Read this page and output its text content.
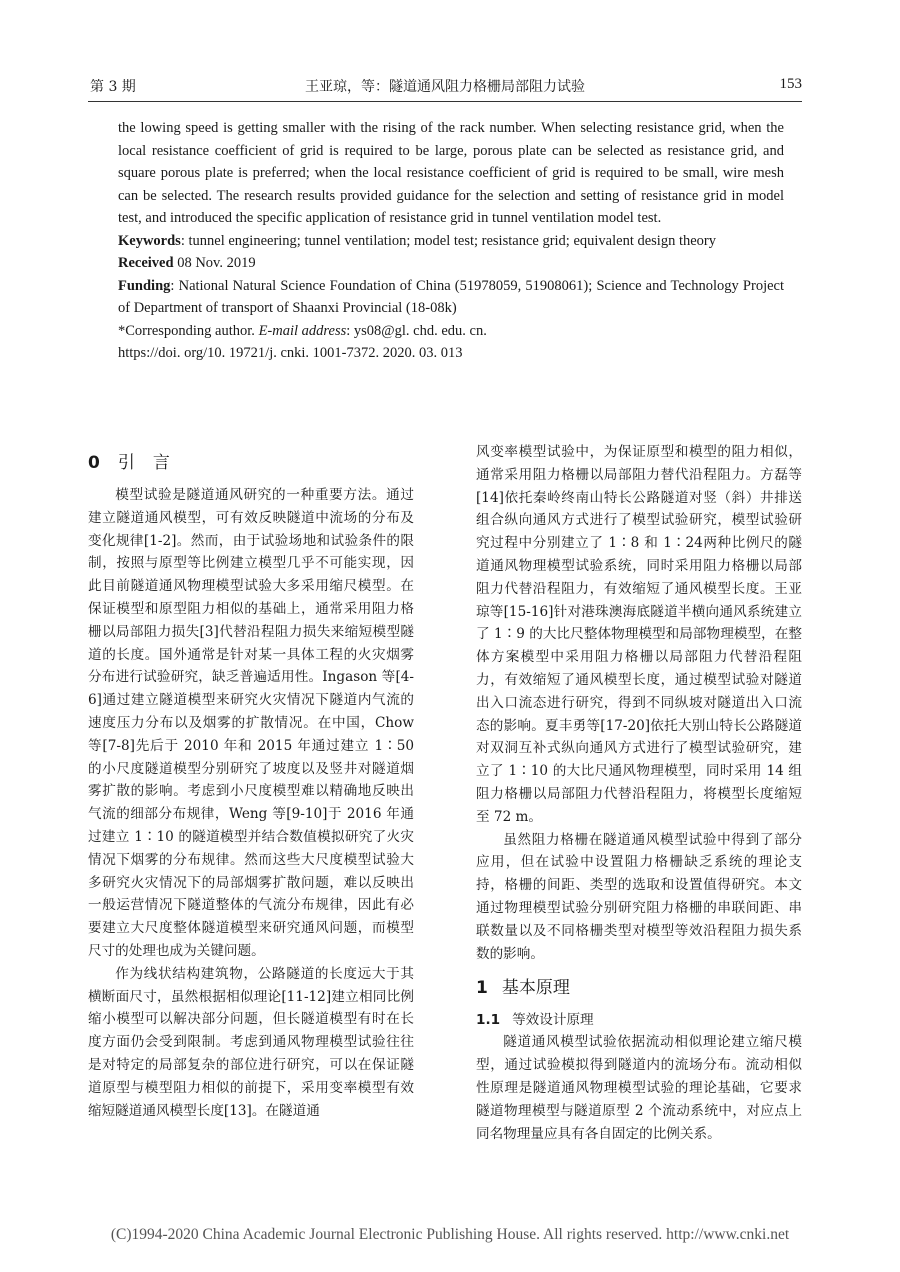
第 3 期	王亚琼，等：隧道通风阻力格栅局部阻力试验	153

the lowing speed is getting smaller with the rising of the rack number. When selecting resistance grid, when the local resistance coefficient of grid is required to be large, porous plate can be selected as resistance grid, and square porous plate is preferred; when the local resistance coefficient of grid is required to be small, wire mesh can be selected. The research results provided guidance for the selection and setting of resistance grid in model test, and introduced the specific application of resistance grid in tunnel ventilation model test.

Keywords: tunnel engineering; tunnel ventilation; model test; resistance grid; equivalent design theory

Received 08 Nov. 2019

Funding: National Natural Science Foundation of China (51978059, 51908061); Science and Technology Project of Department of transport of Shaanxi Provincial (18-08k)

*Corresponding author. E-mail address: ys08@gl. chd. edu. cn.

https://doi. org/10. 19721/j. cnki. 1001-7372. 2020. 03. 013

0 引言

模型试验是隧道通风研究的一种重要方法。通过建立隧道通风模型，可有效反映隧道中流场的分布及变化规律[1-2]。然而，由于试验场地和试验条件的限制，按照与原型等比例建立模型几乎不可能实现，因此目前隧道通风物理模型试验大多采用缩尺模型。在保证模型和原型阻力相似的基础上，通常采用阻力格栅以局部阻力损失[3]代替沿程阻力损失来缩短模型隧道的长度。国外通常是针对某一具体工程的火灾烟雾分布进行试验研究，缺乏普遍适用性。Ingason 等[4-6]通过建立隧道模型来研究火灾情况下隧道内气流的速度压力分布以及烟雾的扩散情况。在中国，Chow 等[7-8]先后于 2010 年和 2015 年通过建立 1∶50 的小尺度隧道模型分别研究了坡度以及竖井对隧道烟雾扩散的影响。考虑到小尺度模型难以精确地反映出气流的细部分布规律，Weng 等[9-10]于 2016 年通过建立 1∶10 的隧道模型并结合数值模拟研究了火灾情况下烟雾的分布规律。然而这些大尺度模型试验大多研究火灾情况下的局部烟雾扩散问题，难以反映出一般运营情况下隧道整体的气流分布规律，因此有必要建立大尺度整体隧道模型来研究通风问题，而模型尺寸的处理也成为关键问题。

作为线状结构建筑物，公路隧道的长度远大于其横断面尺寸，虽然根据相似理论[11-12]建立相同比例缩小模型可以解决部分问题，但长隧道模型有时在长度方面仍会受到限制。考虑到通风物理模型试验往往是对特定的局部复杂的部位进行研究，可以在保证隧道原型与模型阻力相似的前提下，采用变率模型有效缩短隧道通风模型长度[13]。在隧道通

风变率模型试验中，为保证原型和模型的阻力相似，通常采用阻力格栅以局部阻力替代沿程阻力。方磊等[14]依托秦岭终南山特长公路隧道对竖（斜）井排送组合纵向通风方式进行了模型试验研究，模型试验研究过程中分别建立了 1∶8 和 1∶24两种比例尺的隧道通风物理模型试验系统，同时采用阻力格栅以局部阻力代替沿程阻力，有效缩短了通风模型长度。王亚琼等[15-16]针对港珠澳海底隧道半横向通风系统建立了 1∶9 的大比尺整体物理模型和局部物理模型，在整体方案模型中采用阻力格栅以局部阻力代替沿程阻力，有效缩短了通风模型长度，通过模型试验对隧道出入口流态进行研究，得到不同纵坡对隧道出入口流态的影响。夏丰勇等[17-20]依托大别山特长公路隧道对双洞互补式纵向通风方式进行了模型试验研究，建立了 1∶10 的大比尺通风物理模型，同时采用 14 组阻力格栅以局部阻力代替沿程阻力，将模型长度缩短至 72 m。

虽然阻力格栅在隧道通风模型试验中得到了部分应用，但在试验中设置阻力格栅缺乏系统的理论支持，格栅的间距、类型的选取和设置值得研究。本文通过物理模型试验分别研究阻力格栅的串联间距、串联数量以及不同格栅类型对模型等效沿程阻力损失系数的影响。

1 基本原理
1.1 等效设计原理

隧道通风模型试验依据流动相似理论建立缩尺模型，通过试验模拟得到隧道内的流场分布。流动相似性原理是隧道通风物理模型试验的理论基础，它要求隧道物理模型与隧道原型 2 个流动系统中，对应点上同名物理量应具有各自固定的比例关系。

(C)1994-2020 China Academic Journal Electronic Publishing House. All rights reserved. http://www.cnki.net
